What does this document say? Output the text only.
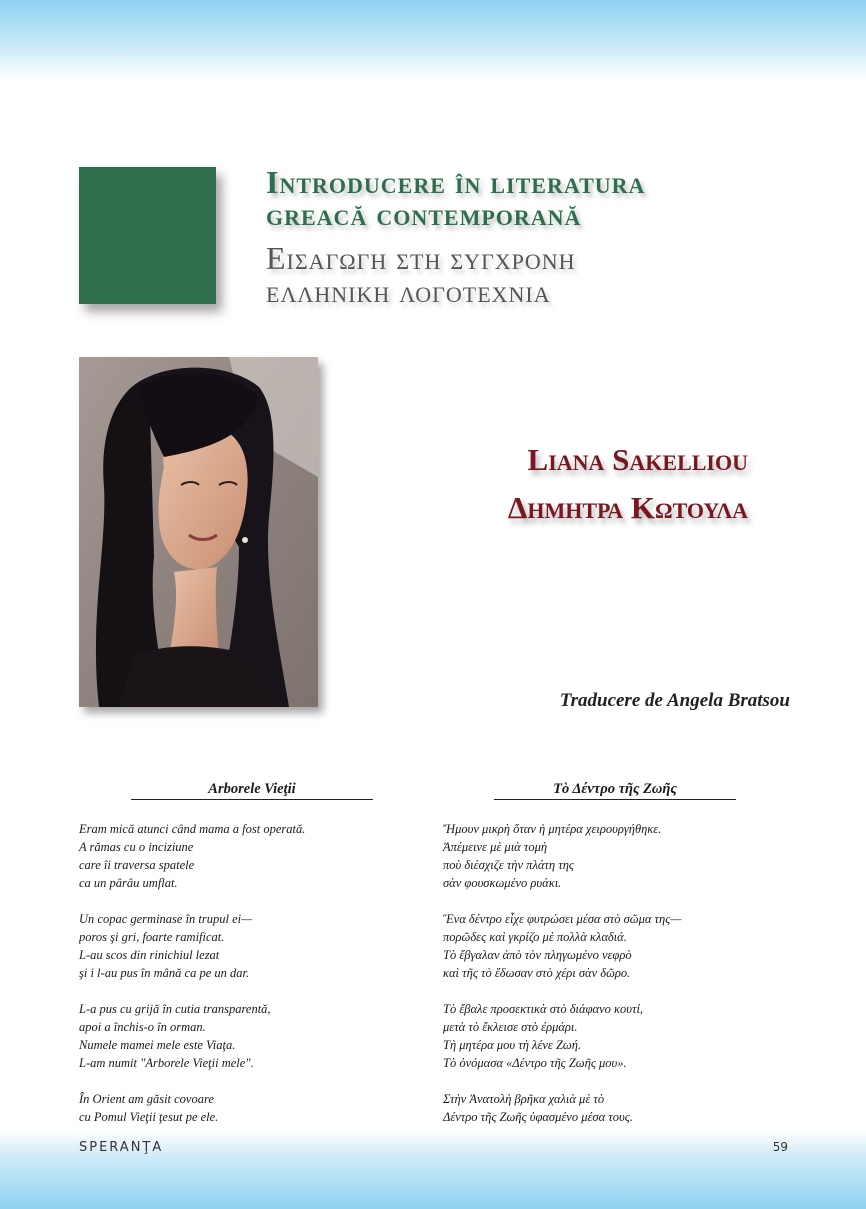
Introducere în literatura
greacă contemporană
Εισαγωγη στη συγχρονη
ελληνικη λογοτεχνια
Liana Sakelliou
Δημητρα Κωτουλα
Traducere de Angela Bratsou
Arborele Vieţii
Eram mică atunci când mama a fost operată.
A rămas cu o inciziune
care îi traversa spatele
ca un pârâu umflat.
Un copac germinase în trupul ei—
poros şi gri, foarte ramificat.
L-au scos din rinichiul lezat
şi i l-au pus în mână ca pe un dar.
L-a pus cu grijă în cutia transparentă,
apoi a închis-o în orman.
Numele mamei mele este Viaţa.
L-am numit "Arborele Vieţii mele".
În Orient am găsit covoare
cu Pomul Vieţii ţesut pe ele.
Τὸ Δέντρο τῆς Ζωῆς
Ἤμουν μικρὴ ὅταν ἡ μητέρα χειρουργήθηκε.
Ἀπέμεινε μὲ μιὰ τομὴ
ποὺ διέσχιζε τὴν πλάτη της
σὰν φουσκωμένο ρυάκι.
Ἕνα δέντρο εἶχε φυτρώσει μέσα στὸ σῶμα της—
πορῶδες καὶ γκρίζο μὲ πολλὰ κλαδιά.
Τὸ ἔβγαλαν ἀπὸ τὸν πληγωμένο νεφρὸ
καὶ τῆς τὸ ἔδωσαν στὸ χέρι σὰν δῶρο.
Τὸ ἔβαλε προσεκτικὰ στὸ διάφανο κουτί,
μετὰ τὸ ἔκλεισε στὸ ἐρμάρι.
Τὴ μητέρα μου τὴ λένε Ζωή.
Τὸ ὀνόμασα «Δέντρο τῆς Ζωῆς μου».
Στὴν Ἀνατολὴ βρῆκα χαλιὰ μὲ τὸ
Δέντρο τῆς Ζωῆς ὑφασμένο μέσα τους.
SPERANŢA	59
